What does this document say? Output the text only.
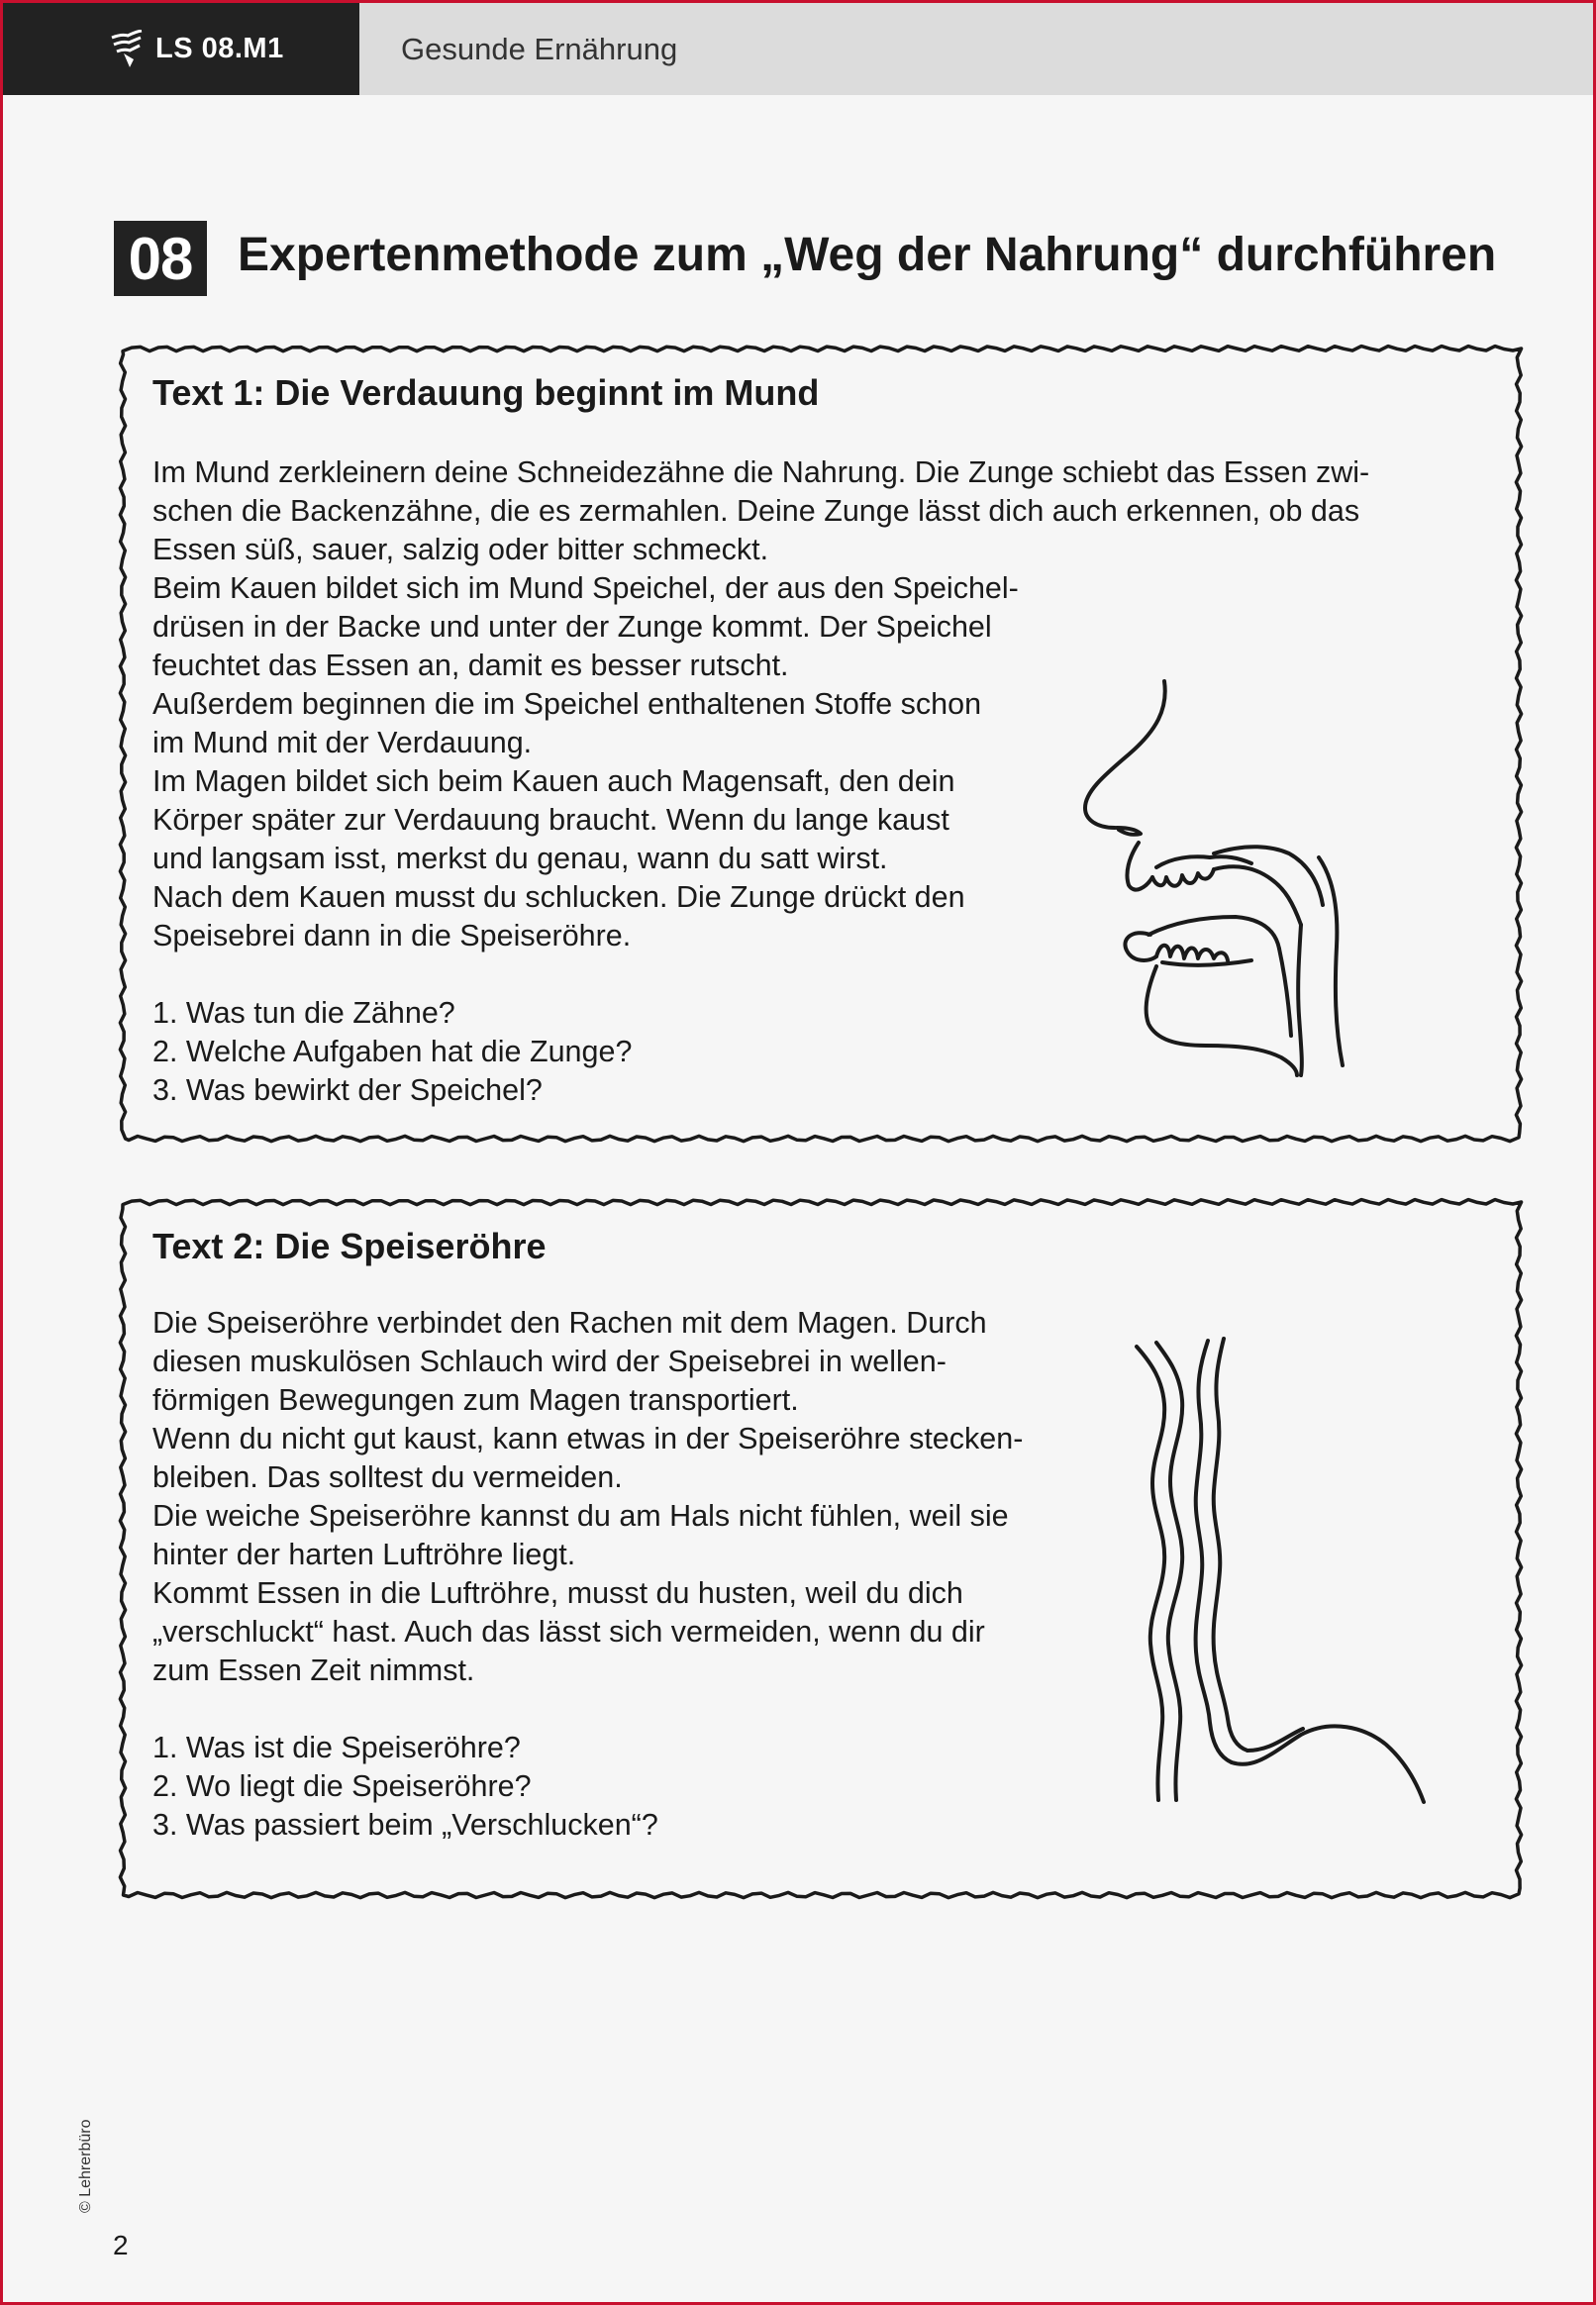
LS 08.M1	Gesunde Ernährung
08 Expertenmethode zum „Weg der Nahrung“ durchführen
Text 1: Die Verdauung beginnt im Mund
Im Mund zerkleinern deine Schneidezähne die Nahrung. Die Zunge schiebt das Essen zwi-
schen die Backenzähne, die es zermahlen. Deine Zunge lässt dich auch erkennen, ob das
Essen süß, sauer, salzig oder bitter schmeckt.
Beim Kauen bildet sich im Mund Speichel, der aus den Speichel-
drüsen in der Backe und unter der Zunge kommt. Der Speichel
feuchtet das Essen an, damit es besser rutscht.
Außerdem beginnen die im Speichel enthaltenen Stoffe schon
im Mund mit der Verdauung.
Im Magen bildet sich beim Kauen auch Magensaft, den dein
Körper später zur Verdauung braucht. Wenn du lange kaust
und langsam isst, merkst du genau, wann du satt wirst.
Nach dem Kauen musst du schlucken. Die Zunge drückt den
Speisebrei dann in die Speiseröhre.
1. Was tun die Zähne?
2. Welche Aufgaben hat die Zunge?
3. Was bewirkt der Speichel?
Text 2: Die Speiseröhre
Die Speiseröhre verbindet den Rachen mit dem Magen. Durch
diesen muskulösen Schlauch wird der Speisebrei in wellen-
förmigen Bewegungen zum Magen transportiert.
Wenn du nicht gut kaust, kann etwas in der Speiseröhre stecken-
bleiben. Das solltest du vermeiden.
Die weiche Speiseröhre kannst du am Hals nicht fühlen, weil sie
hinter der harten Luftröhre liegt.
Kommt Essen in die Luftröhre, musst du husten, weil du dich
„verschluckt“ hast. Auch das lässt sich vermeiden, wenn du dir
zum Essen Zeit nimmst.
1. Was ist die Speiseröhre?
2. Wo liegt die Speiseröhre?
3. Was passiert beim „Verschlucken“?
© Lehrerbüro
2
